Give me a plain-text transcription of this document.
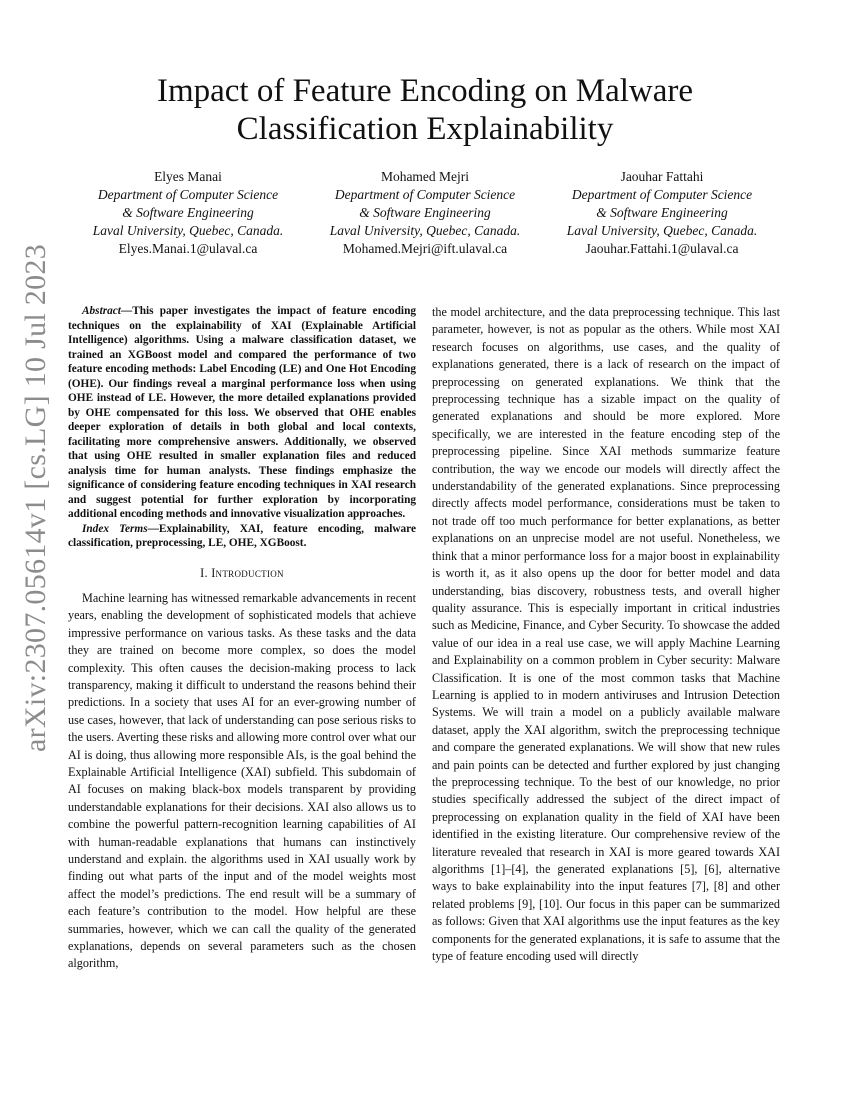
arXiv:2307.05614v1 [cs.LG] 10 Jul 2023
Impact of Feature Encoding on Malware
Classification Explainability
Elyes Manai
Department of Computer Science
& Software Engineering
Laval University, Quebec, Canada.
Elyes.Manai.1@ulaval.ca
Mohamed Mejri
Department of Computer Science
& Software Engineering
Laval University, Quebec, Canada.
Mohamed.Mejri@ift.ulaval.ca
Jaouhar Fattahi
Department of Computer Science
& Software Engineering
Laval University, Quebec, Canada.
Jaouhar.Fattahi.1@ulaval.ca

Abstract—This paper investigates the impact of feature encoding techniques on the explainability of XAI (Explainable Artificial Intelligence) algorithms. Using a malware classification dataset, we trained an XGBoost model and compared the performance of two feature encoding methods: Label Encoding (LE) and One Hot Encoding (OHE). Our findings reveal a marginal performance loss when using OHE instead of LE. However, the more detailed explanations provided by OHE compensated for this loss. We observed that OHE enables deeper exploration of details in both global and local contexts, facilitating more comprehensive answers. Additionally, we observed that using OHE resulted in smaller explanation files and reduced analysis time for human analysts. These findings emphasize the significance of considering feature encoding techniques in XAI research and suggest potential for further exploration by incorporating additional encoding methods and innovative visualization approaches.

Index Terms—Explainability, XAI, feature encoding, malware classification, preprocessing, LE, OHE, XGBoost.

I. Introduction

Machine learning has witnessed remarkable advancements in recent years, enabling the development of sophisticated models that achieve impressive performance on various tasks. As these tasks and the data they are trained on become more complex, so does the model complexity. This often causes the decision-making process to lack transparency, making it difficult to understand the reasons behind their predictions. In a society that uses AI for an ever-growing number of use cases, however, that lack of understanding can pose serious risks to the users. Averting these risks and allowing more control over what our AI is doing, thus allowing more responsible AIs, is the goal behind the Explainable Artificial Intelligence (XAI) subfield. This subdomain of AI focuses on making black-box models transparent by providing understandable explanations for their decisions. XAI also allows us to combine the powerful pattern-recognition learning capabilities of AI with human-readable explanations that humans can instinctively understand and explain. the algorithms used in XAI usually work by finding out what parts of the input and of the model weights most affect the model’s predictions. The end result will be a summary of each feature’s contribution to the model. How helpful are these summaries, however, which we can call the quality of the generated explanations, depends on several parameters such as the chosen algorithm,

the model architecture, and the data preprocessing technique. This last parameter, however, is not as popular as the others. While most XAI research focuses on algorithms, use cases, and the quality of explanations generated, there is a lack of research on the impact of preprocessing on generated explanations. We think that the preprocessing technique has a sizable impact on the quality of generated explanations and should be more explored. More specifically, we are interested in the feature encoding step of the preprocessing pipeline. Since XAI methods summarize feature contribution, the way we encode our models will directly affect the understandability of the generated explanations. Since preprocessing directly affects model performance, considerations must be taken to not trade off too much performance for better explanations, as better explanations on an unprecise model are not useful. Nonetheless, we think that a minor performance loss for a major boost in explainability is worth it, as it also opens up the door for better model and data understanding, bias discovery, robustness tests, and overall higher quality assurance. This is especially important in critical industries such as Medicine, Finance, and Cyber Security. To showcase the added value of our idea in a real use case, we will apply Machine Learning and Explainability on a common problem in Cyber security: Malware Classification. It is one of the most common tasks that Machine Learning is applied to in modern antiviruses and Intrusion Detection Systems. We will train a model on a publicly available malware dataset, apply the XAI algorithm, switch the preprocessing technique and compare the generated explanations. We will show that new rules and pain points can be detected and further explored by just changing the preprocessing technique. To the best of our knowledge, no prior studies specifically addressed the subject of the direct impact of preprocessing on explanation quality in the field of XAI have been identified in the existing literature. Our comprehensive review of the literature revealed that research in XAI is more geared towards XAI algorithms [1]–[4], the generated explanations [5], [6], alternative ways to bake explainability into the input features [7], [8] and other related problems [9], [10]. Our focus in this paper can be summarized as follows: Given that XAI algorithms use the input features as the key components for the generated explanations, it is safe to assume that the type of feature encoding used will directly
